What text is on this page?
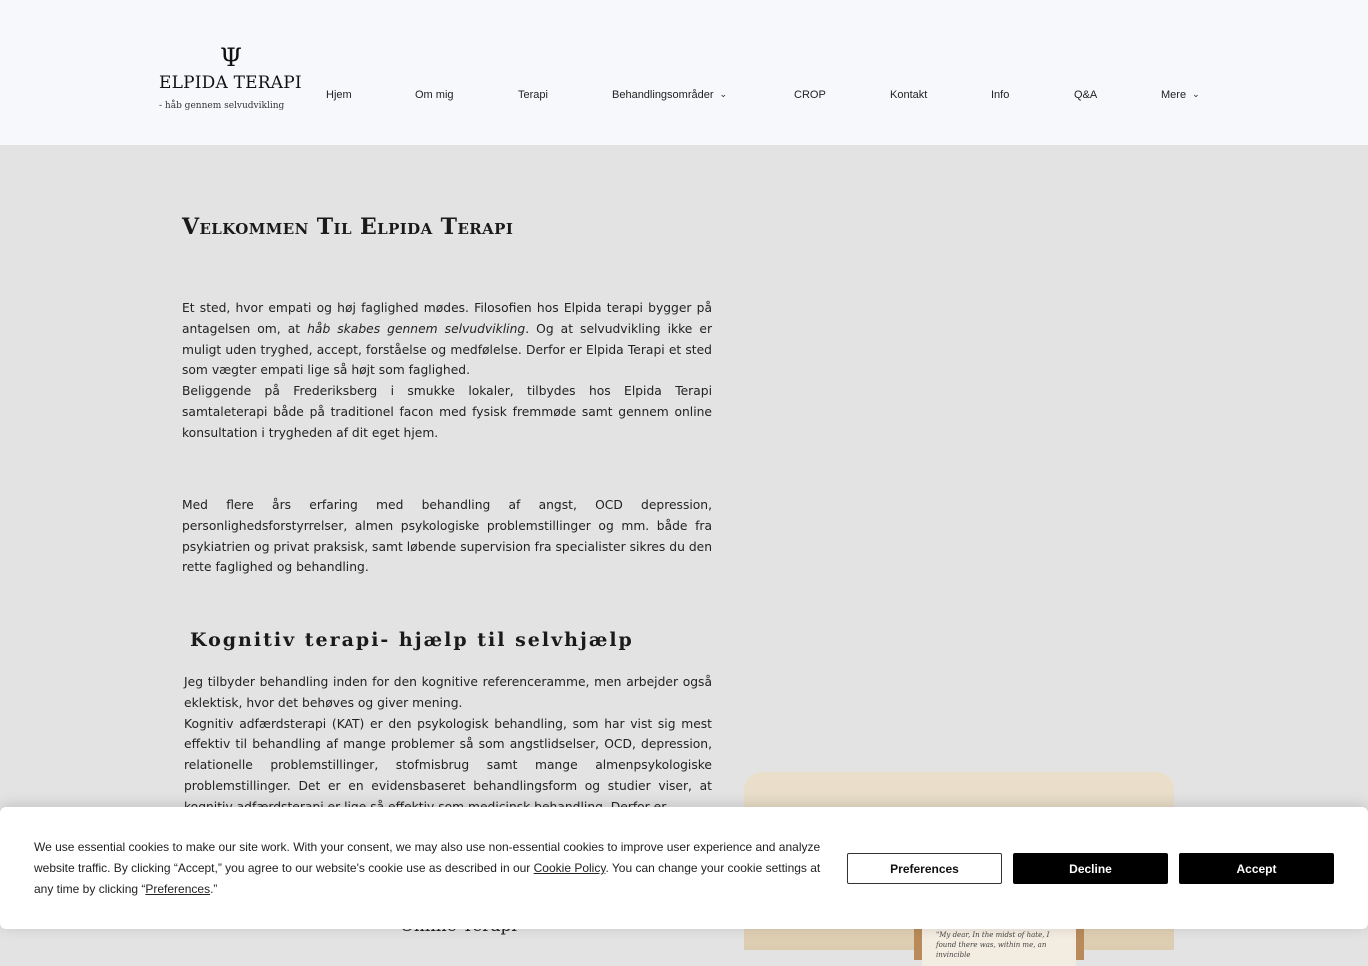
Ψ
ELPIDA TERAPI
- håb gennem selvudvikling
Hjem	Om mig	Terapi	Behandlingsområder ⌄	CROP	Kontakt	Info	Q&A	Mere ⌄
Velkommen Til Elpida Terapi
Et sted, hvor empati og høj faglighed mødes. Filosofien hos Elpida terapi bygger på antagelsen om, at håb skabes gennem selvudvikling. Og at selvudvikling ikke er muligt uden tryghed, accept, forståelse og medfølelse. Derfor er Elpida Terapi et sted som vægter empati lige så højt som faglighed.
Beliggende på Frederiksberg i smukke lokaler, tilbydes hos Elpida Terapi samtaleterapi både på traditionel facon med fysisk fremmøde samt gennem online konsultation i trygheden af dit eget hjem.
Med flere års erfaring med behandling af angst, OCD depression, personlighedsforstyrrelser, almen psykologiske problemstillinger og mm. både fra psykiatrien og privat praksisk, samt løbende supervision fra specialister sikres du den rette faglighed og behandling.
Kognitiv terapi- hjælp til selvhjælp
Jeg tilbyder behandling inden for den kognitive referenceramme, men arbejder også eklektisk, hvor det behøves og giver mening.
Kognitiv adfærdsterapi (KAT) er den psykologisk behandling, som har vist sig mest effektiv til behandling af mange problemer så som angstlidselser, OCD, depression, relationelle problemstillinger, stofmisbrug samt mange almenpsykologiske problemstillinger. Det er en evidensbaseret behandlingsform og studier viser, at
"My dear, In the midst of hate, I found there was, within me, an invincible

We use essential cookies to make our site work. With your consent, we may also use non-essential cookies to improve user experience and analyze website traffic. By clicking “Accept,” you agree to our website's cookie use as described in our Cookie Policy. You can change your cookie settings at any time by clicking “Preferences.”

Preferences	Decline	Accept
